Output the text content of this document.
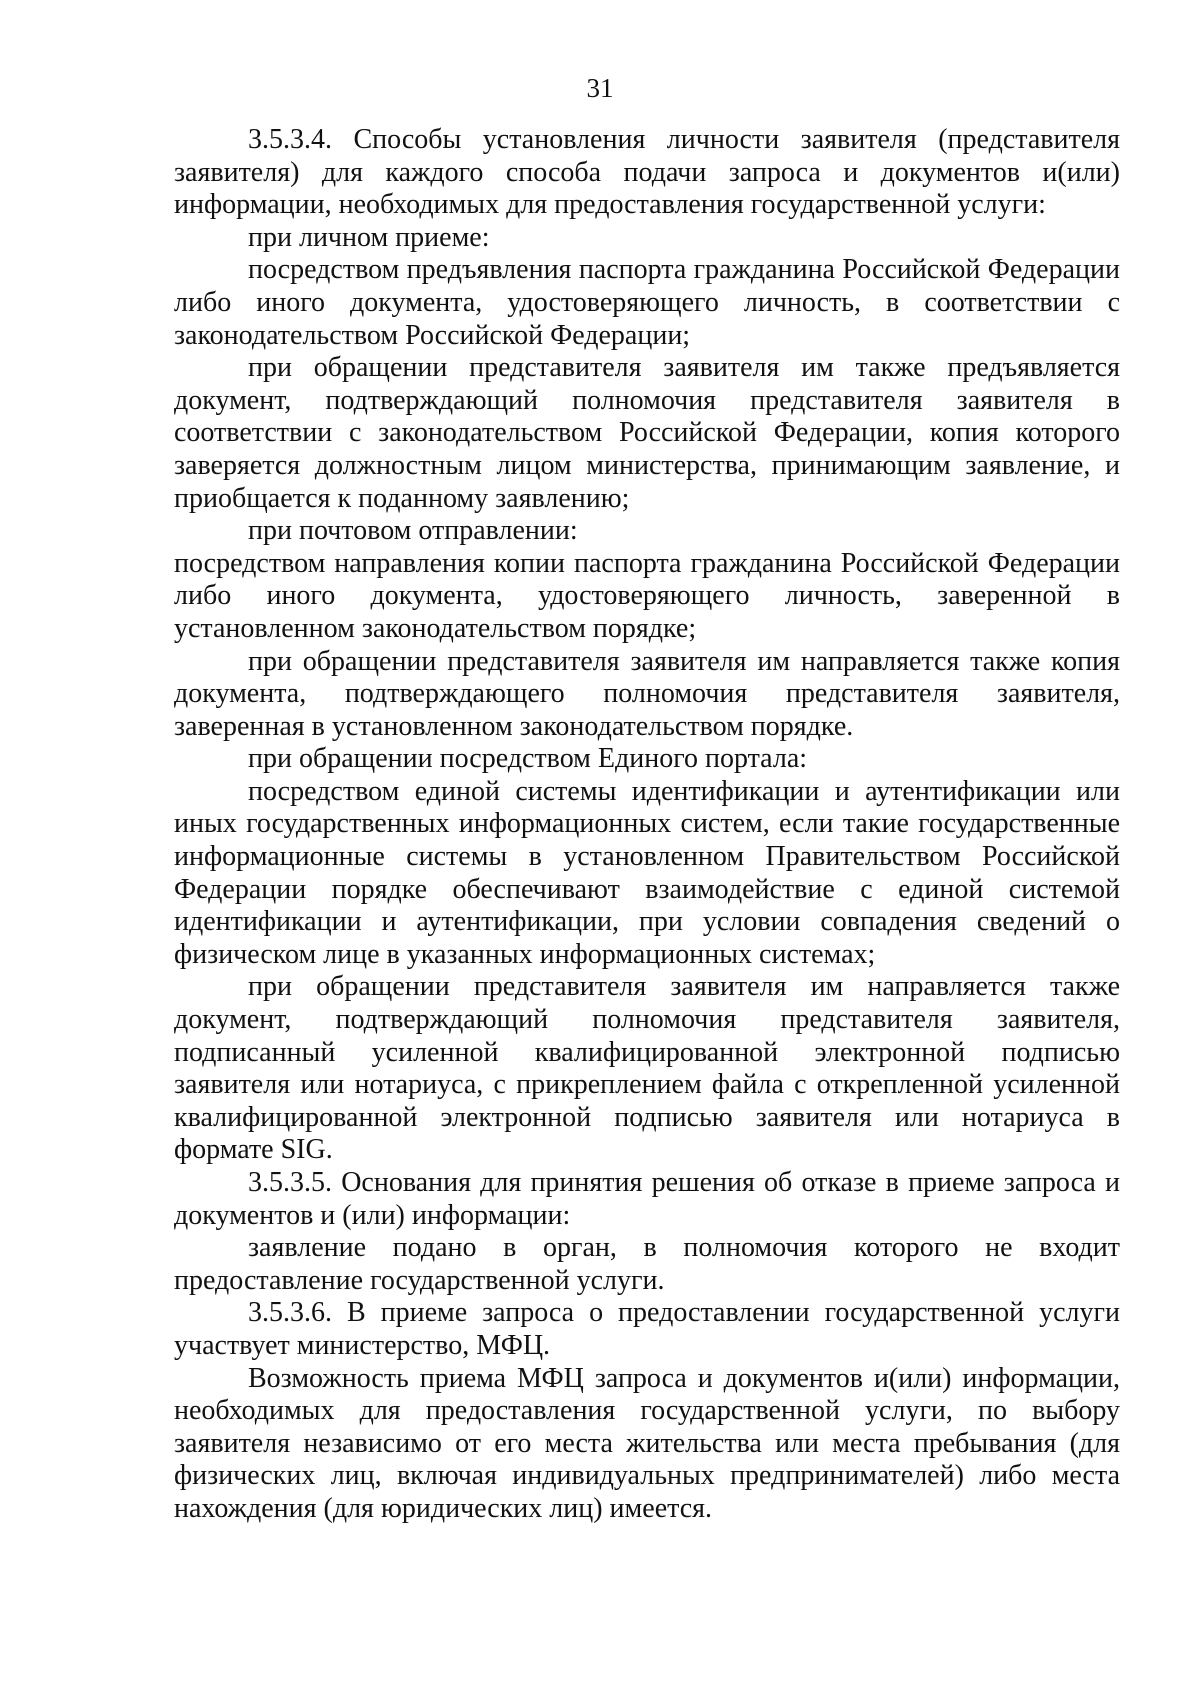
31

3.5.3.4. Способы установления личности заявителя (представителя заявителя) для каждого способа подачи запроса и документов и(или) информации, необходимых для предоставления государственной услуги:

при личном приеме:

посредством предъявления паспорта гражданина Российской Федерации либо иного документа, удостоверяющего личность, в соответствии с законодательством Российской Федерации;

при обращении представителя заявителя им также предъявляется документ, подтверждающий полномочия представителя заявителя в соответствии с законодательством Российской Федерации, копия которого заверяется должностным лицом министерства, принимающим заявление, и приобщается к поданному заявлению;

при почтовом отправлении:

посредством направления копии паспорта гражданина Российской Федерации либо иного документа, удостоверяющего личность, заверенной в установленном законодательством порядке;

при обращении представителя заявителя им направляется также копия документа, подтверждающего полномочия представителя заявителя, заверенная в установленном законодательством порядке.

при обращении посредством Единого портала:

посредством единой системы идентификации и аутентификации или иных государственных информационных систем, если такие государственные информационные системы в установленном Правительством Российской Федерации порядке обеспечивают взаимодействие с единой системой идентификации и аутентификации, при условии совпадения сведений о физическом лице в указанных информационных системах;

при обращении представителя заявителя им направляется также документ, подтверждающий полномочия представителя заявителя, подписанный усиленной квалифицированной электронной подписью заявителя или нотариуса, с прикреплением файла с открепленной усиленной квалифицированной электронной подписью заявителя или нотариуса в формате SIG.

3.5.3.5. Основания для принятия решения об отказе в приеме запроса и документов и (или) информации:

заявление подано в орган, в полномочия которого не входит предоставление государственной услуги.

3.5.3.6. В приеме запроса о предоставлении государственной услуги участвует министерство, МФЦ.

Возможность приема МФЦ запроса и документов и(или) информации, необходимых для предоставления государственной услуги, по выбору заявителя независимо от его места жительства или места пребывания (для физических лиц, включая индивидуальных предпринимателей) либо места нахождения (для юридических лиц) имеется.
